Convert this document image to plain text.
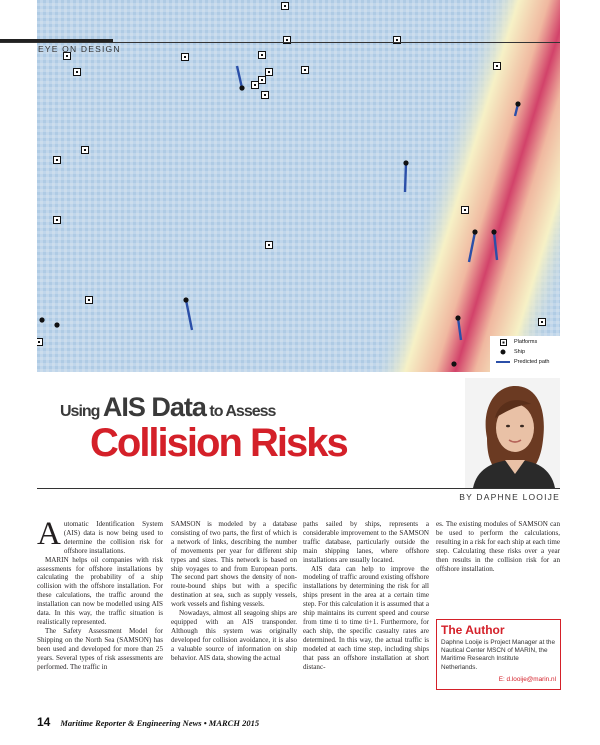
EYE ON DESIGN
Platforms
Ship
Predicted path
Using AIS Data to Assess
Collision Risks
BY DAPHNE LOOIJE

Automatic Identification System (AIS) data is now being used to determine the collision risk for offshore installations.

MARIN helps oil companies with risk assessments for offshore installations by calculating the probability of a ship collision with the offshore installation. For these calculations, the traffic around the installation can now be modelled using AIS data. In this way, the traffic situation is realistically represented.

The Safety Assessment Model for Shipping on the North Sea (SAMSON) has been used and developed for more than 25 years. Several types of risk assessments are performed. The traffic in

SAMSON is modeled by a database consisting of two parts, the first of which is a network of links, describing the number of movements per year for different ship types and sizes. This network is based on ship voyages to and from European ports. The second part shows the density of non-route-bound ships but with a specific destination at sea, such as supply vessels, work vessels and fishing vessels.

Nowadays, almost all seagoing ships are equipped with an AIS transponder. Although this system was originally developed for collision avoidance, it is also a valuable source of information on ship behavior. AIS data, showing the actual

paths sailed by ships, represents a considerable improvement to the SAMSON traffic database, particularly outside the main shipping lanes, where offshore installations are usually located.

AIS data can help to improve the modeling of traffic around existing offshore installations by determining the risk for all ships present in the area at a certain time step. For this calculation it is assumed that a ship maintains its current speed and course from time ti to time ti+1. Furthermore, for each ship, the specific casualty rates are determined. In this way, the actual traffic is modeled at each time step, including ships that pass an offshore installation at short distanc-

es. The existing modules of SAMSON can be used to perform the calculations, resulting in a risk for each ship at each time step. Calculating these risks over a year then results in the collision risk for an offshore installation.

The Author
Daphne Looije is Project Manager at the Nautical Center MSCN of MARIN, the Maritime Research Institute Netherlands.
E: d.looije@marin.nl
14 Maritime Reporter & Engineering News • MARCH 2015
